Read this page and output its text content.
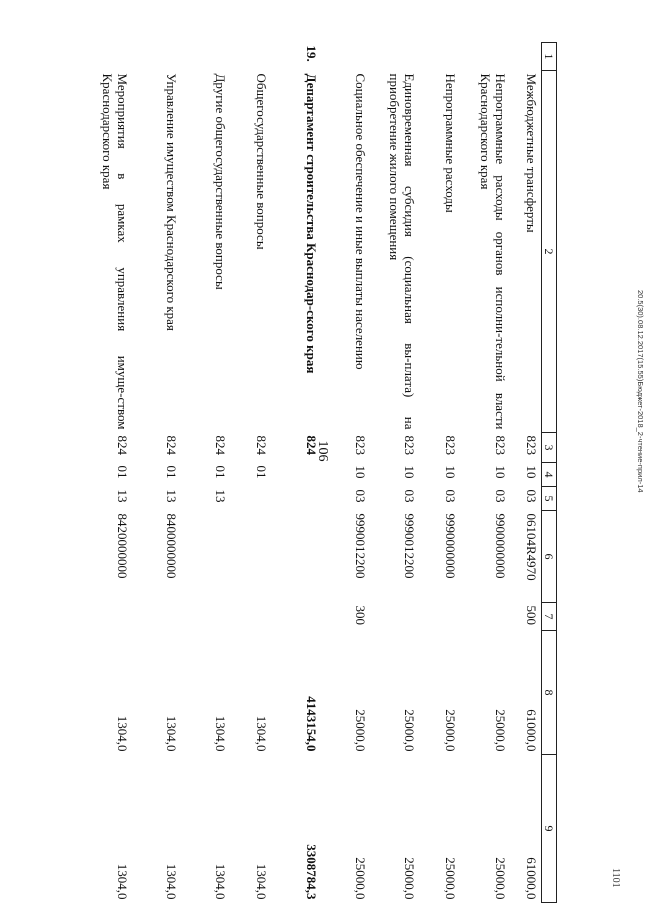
106	20.5(30).08.12.2017(15.55)Бюджет-2018_2-чтение-прил-14
1101
1	2	3	4	5	6	7	8	9
	Межбюджетные трансферты	823	10	03	06104R4970	500	61000,0	61000,0
	Непрограммные расходы органов исполни-тельной власти Краснодарского края	823	10	03	9900000000		25000,0	25000,0
	Непрограммные расходы	823	10	03	9990000000		25000,0	25000,0
	Единовременная субсидия (социальная вы-плата) на приобретение жилого помещения	823	10	03	9990012200		25000,0	25000,0
	Социальное обеспечение и иные выплаты населению	823	10	03	9990012200	300	25000,0	25000,0
19.	Департамент строительства Краснодар-ского края	824					4143154,0	3308784,3
	Общегосударственные вопросы	824	01				1304,0	1304,0
	Другие общегосударственные вопросы	824	01	13			1304,0	1304,0
	Управление имуществом Краснодарского края	824	01	13	8400000000		1304,0	1304,0
	Мероприятия в рамках управления имуще-ством Краснодарского края	824	01	13	8420000000		1304,0	1304,0
